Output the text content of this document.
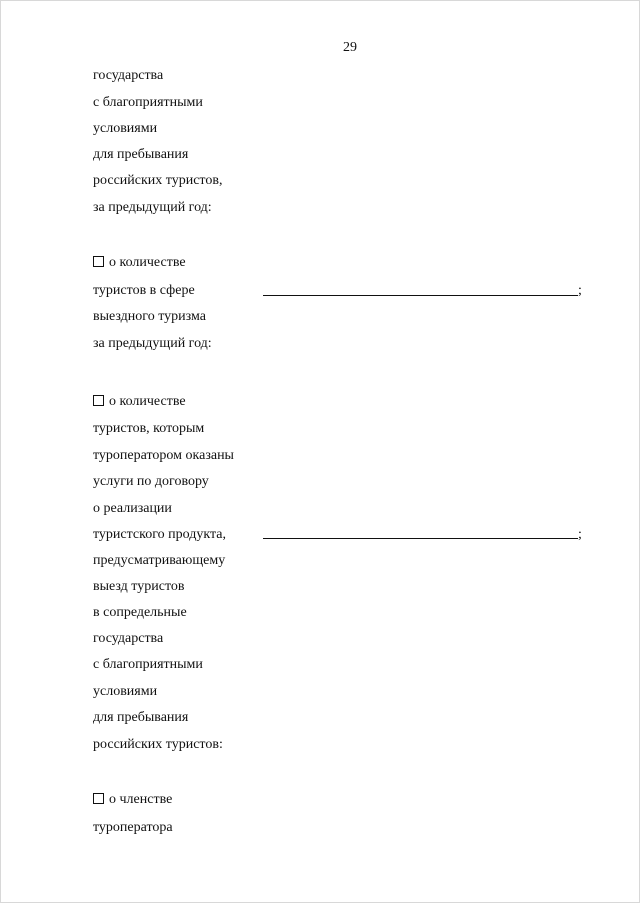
29
государства
с благоприятными
условиями
для пребывания
российских туристов,
за предыдущий год:
о количестве
туристов в сфере
выездного туризма
за предыдущий год:
;
о количестве
туристов, которым
туроператором оказаны
услуги по договору
о реализации
туристского продукта,
предусматривающему
выезд туристов
в сопредельные
государства
с благоприятными
условиями
для пребывания
российских туристов:
;
о членстве
туроператора
